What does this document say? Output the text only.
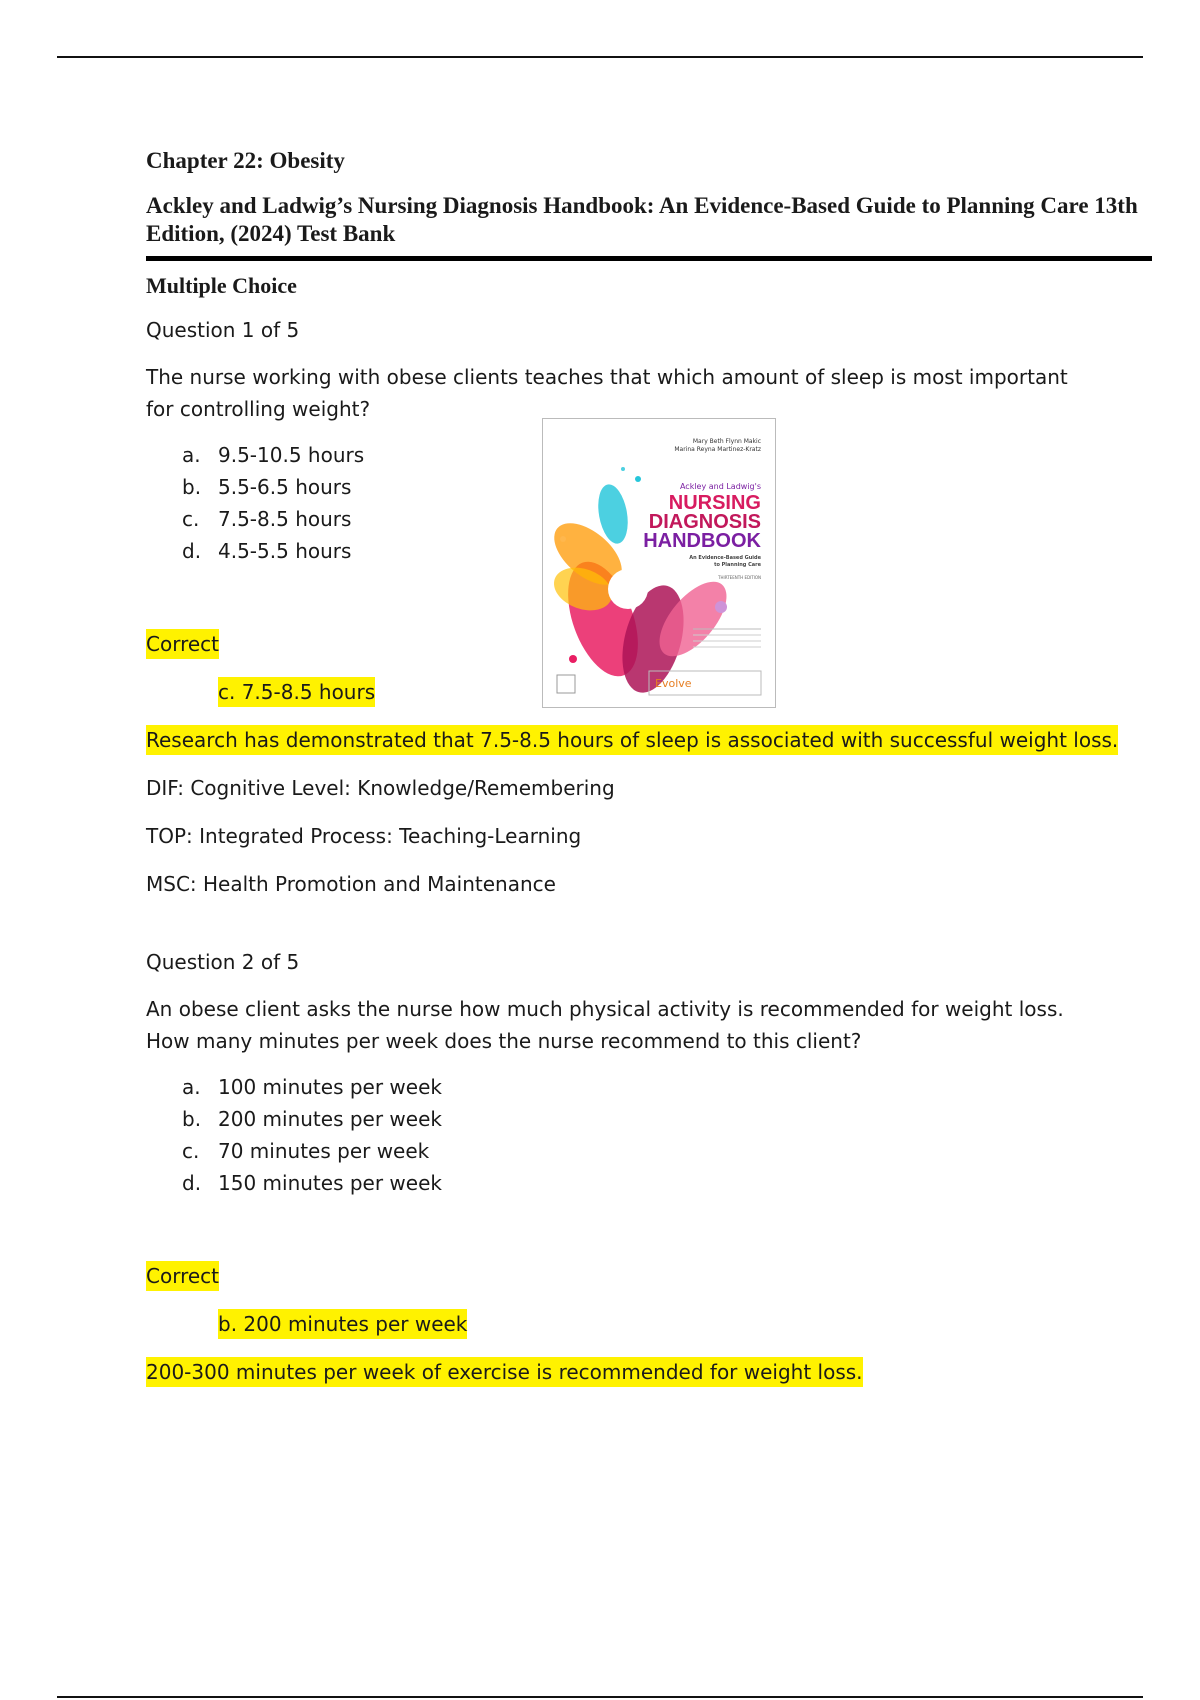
Chapter 22: Obesity
Ackley and Ladwig’s Nursing Diagnosis Handbook: An Evidence-Based Guide to Planning Care 13th Edition, (2024) Test Bank
Multiple Choice
Question 1 of 5
The nurse working with obese clients teaches that which amount of sleep is most important for controlling weight?
a. 9.5-10.5 hours
b. 5.5-6.5 hours
c. 7.5-8.5 hours
d. 4.5-5.5 hours
Correct
c. 7.5-8.5 hours
Research has demonstrated that 7.5-8.5 hours of sleep is associated with successful weight loss.
DIF: Cognitive Level: Knowledge/Remembering
TOP: Integrated Process: Teaching-Learning
MSC: Health Promotion and Maintenance
Question 2 of 5
An obese client asks the nurse how much physical activity is recommended for weight loss. How many minutes per week does the nurse recommend to this client?
a. 100 minutes per week
b. 200 minutes per week
c. 70 minutes per week
d. 150 minutes per week
Correct
b. 200 minutes per week
200-300 minutes per week of exercise is recommended for weight loss.
Mary Beth Flynn Makic
Marina Reyna Martinez-Kratz
Ackley and Ladwig's
NURSING
DIAGNOSIS
HANDBOOK
An Evidence-Based Guide
to Planning Care
THIRTEENTH EDITION
Evolve
